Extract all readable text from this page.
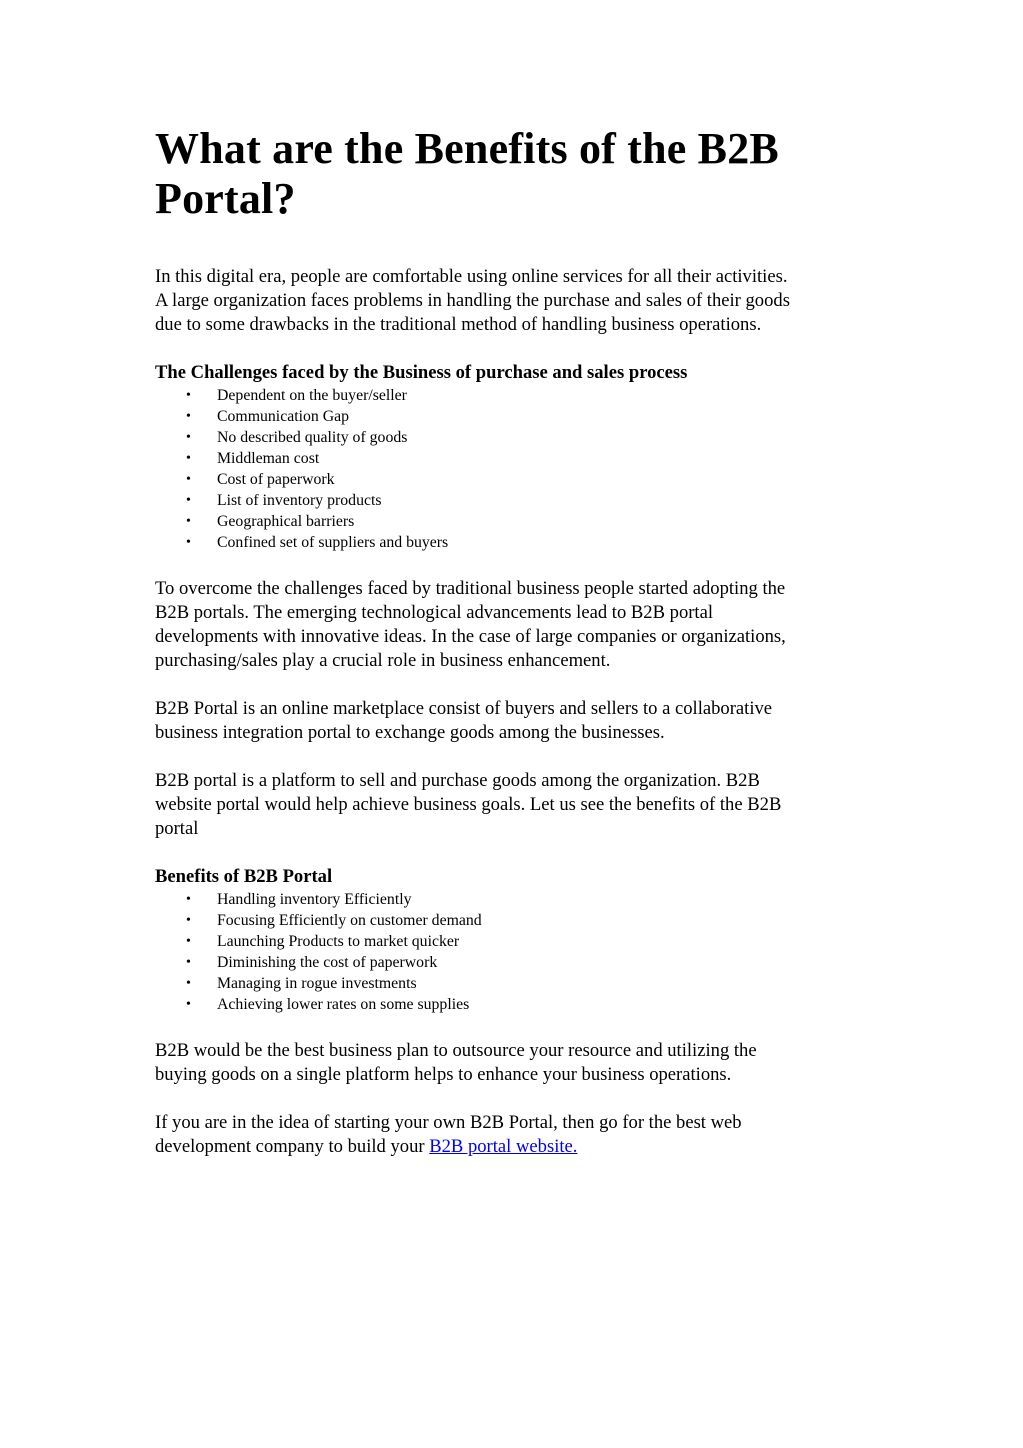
What are the Benefits of the B2B Portal?

In this digital era, people are comfortable using online services for all their activities.
A large organization faces problems in handling the purchase and sales of their goods
due to some drawbacks in the traditional method of handling business operations.

The Challenges faced by the Business of purchase and sales process
• Dependent on the buyer/seller
• Communication Gap
• No described quality of goods
• Middleman cost
• Cost of paperwork
• List of inventory products
• Geographical barriers
• Confined set of suppliers and buyers

To overcome the challenges faced by traditional business people started adopting the
B2B portals. The emerging technological advancements lead to B2B portal
developments with innovative ideas. In the case of large companies or organizations,
purchasing/sales play a crucial role in business enhancement.

B2B Portal is an online marketplace consist of buyers and sellers to a collaborative
business integration portal to exchange goods among the businesses.

B2B portal is a platform to sell and purchase goods among the organization. B2B
website portal would help achieve business goals. Let us see the benefits of the B2B
portal

Benefits of B2B Portal
• Handling inventory Efficiently
• Focusing Efficiently on customer demand
• Launching Products to market quicker
• Diminishing the cost of paperwork
• Managing in rogue investments
• Achieving lower rates on some supplies

B2B would be the best business plan to outsource your resource and utilizing the
buying goods on a single platform helps to enhance your business operations.

If you are in the idea of starting your own B2B Portal, then go for the best web
development company to build your B2B portal website.
